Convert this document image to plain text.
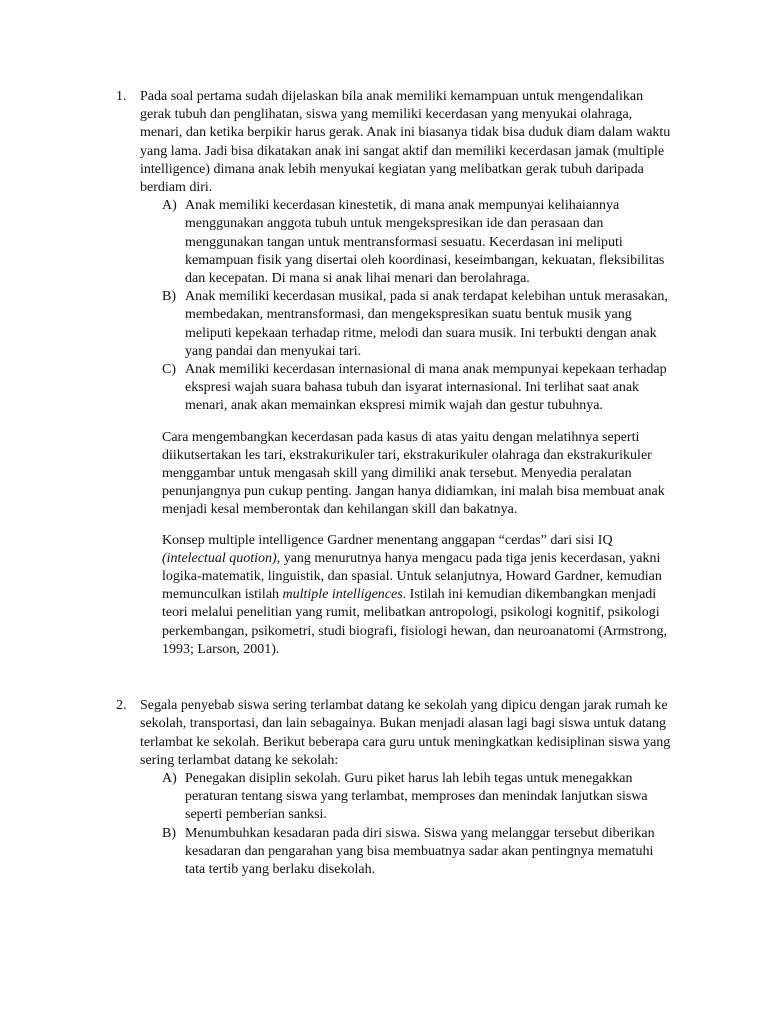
1. Pada soal pertama sudah dijelaskan bila anak memiliki kemampuan untuk mengendalikan gerak tubuh dan penglihatan, siswa yang memiliki kecerdasan yang menyukai olahraga, menari, dan ketika berpikir harus gerak. Anak ini biasanya tidak bisa duduk diam dalam waktu yang lama. Jadi bisa dikatakan anak ini sangat aktif dan memiliki kecerdasan jamak (multiple intelligence) dimana anak lebih menyukai kegiatan yang melibatkan gerak tubuh daripada berdiam diri.

A) Anak memiliki kecerdasan kinestetik, di mana anak mempunyai kelihaiannya menggunakan anggota tubuh untuk mengekspresikan ide dan perasaan dan menggunakan tangan untuk mentransformasi sesuatu. Kecerdasan ini meliputi kemampuan fisik yang disertai oleh koordinasi, keseimbangan, kekuatan, fleksibilitas dan kecepatan. Di mana si anak lihai menari dan berolahraga.

B) Anak memiliki kecerdasan musikal, pada si anak terdapat kelebihan untuk merasakan, membedakan, mentransformasi, dan mengekspresikan suatu bentuk musik yang meliputi kepekaan terhadap ritme, melodi dan suara musik. Ini terbukti dengan anak yang pandai dan menyukai tari.

C) Anak memiliki kecerdasan internasional di mana anak mempunyai kepekaan terhadap ekspresi wajah suara bahasa tubuh dan isyarat internasional. Ini terlihat saat anak menari, anak akan memainkan ekspresi mimik wajah dan gestur tubuhnya.

Cara mengembangkan kecerdasan pada kasus di atas yaitu dengan melatihnya seperti diikutsertakan les tari, ekstrakurikuler tari, ekstrakurikuler olahraga dan ekstrakurikuler menggambar untuk mengasah skill yang dimiliki anak tersebut. Menyedia peralatan penunjangnya pun cukup penting. Jangan hanya didiamkan, ini malah bisa membuat anak menjadi kesal memberontak dan kehilangan skill dan bakatnya.

Konsep multiple intelligence Gardner menentang anggapan “cerdas” dari sisi IQ (intelectual quotion), yang menurutnya hanya mengacu pada tiga jenis kecerdasan, yakni logika-matematik, linguistik, dan spasial. Untuk selanjutnya, Howard Gardner, kemudian memunculkan istilah multiple intelligences. Istilah ini kemudian dikembangkan menjadi teori melalui penelitian yang rumit, melibatkan antropologi, psikologi kognitif, psikologi perkembangan, psikometri, studi biografi, fisiologi hewan, dan neuroanatomi (Armstrong, 1993; Larson, 2001).

2. Segala penyebab siswa sering terlambat datang ke sekolah yang dipicu dengan jarak rumah ke sekolah, transportasi, dan lain sebagainya. Bukan menjadi alasan lagi bagi siswa untuk datang terlambat ke sekolah. Berikut beberapa cara guru untuk meningkatkan kedisiplinan siswa yang sering terlambat datang ke sekolah:

A) Penegakan disiplin sekolah. Guru piket harus lah lebih tegas untuk menegakkan peraturan tentang siswa yang terlambat, memproses dan menindak lanjutkan siswa seperti pemberian sanksi.

B) Menumbuhkan kesadaran pada diri siswa. Siswa yang melanggar tersebut diberikan kesadaran dan pengarahan yang bisa membuatnya sadar akan pentingnya mematuhi tata tertib yang berlaku disekolah.
